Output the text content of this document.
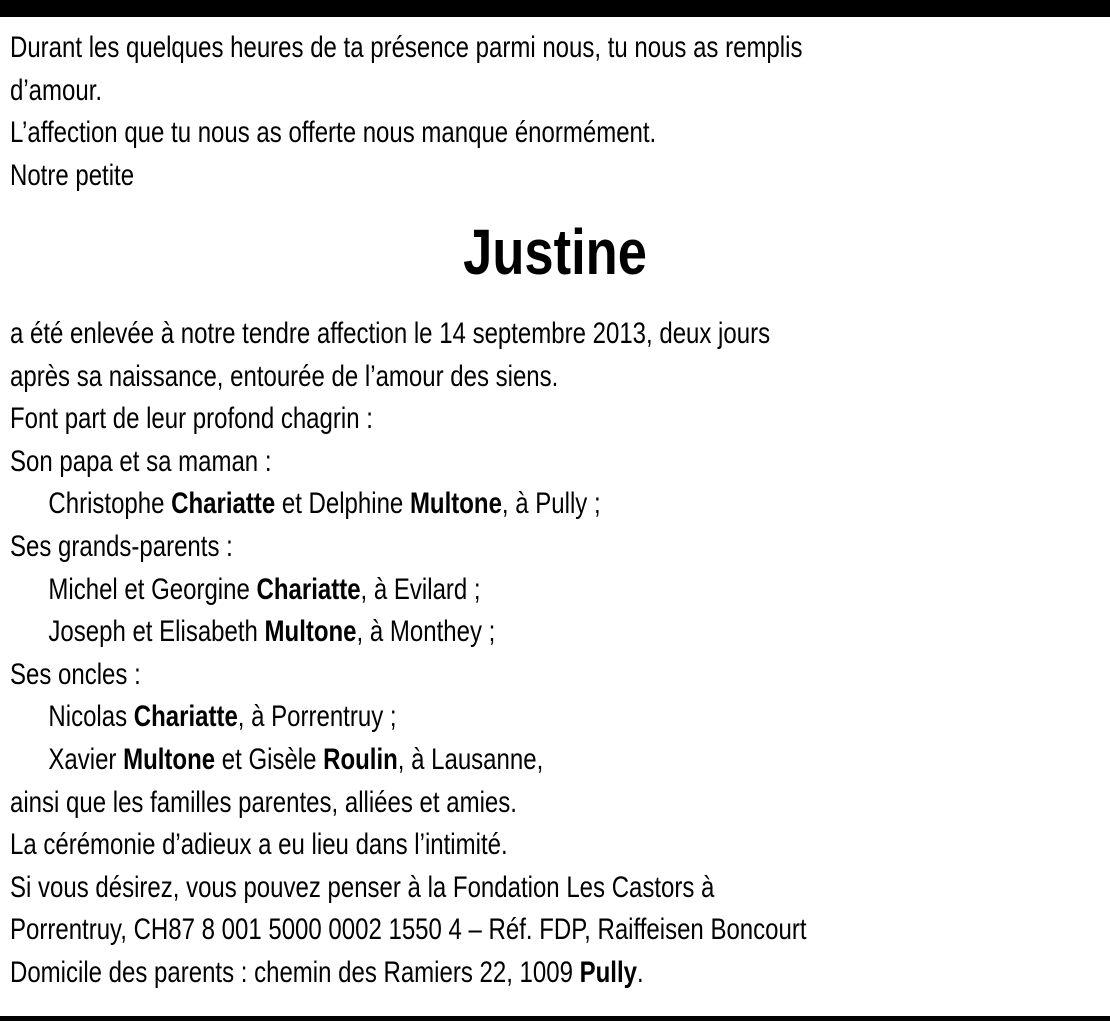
Durant les quelques heures de ta présence parmi nous, tu nous as remplis
d’amour.
L’affection que tu nous as offerte nous manque énormément.
Notre petite
Justine
a été enlevée à notre tendre affection le 14 septembre 2013, deux jours
après sa naissance, entourée de l’amour des siens.
Font part de leur profond chagrin :
Son papa et sa maman :
Christophe Chariatte et Delphine Multone, à Pully ;
Ses grands-parents :
Michel et Georgine Chariatte, à Evilard ;
Joseph et Elisabeth Multone, à Monthey ;
Ses oncles :
Nicolas Chariatte, à Porrentruy ;
Xavier Multone et Gisèle Roulin, à Lausanne,
ainsi que les familles parentes, alliées et amies.
La cérémonie d’adieux a eu lieu dans l’intimité.
Si vous désirez, vous pouvez penser à la Fondation Les Castors à
Porrentruy, CH87 8 001 5000 0002 1550 4 – Réf. FDP, Raiffeisen Boncourt
Domicile des parents : chemin des Ramiers 22, 1009 Pully.
